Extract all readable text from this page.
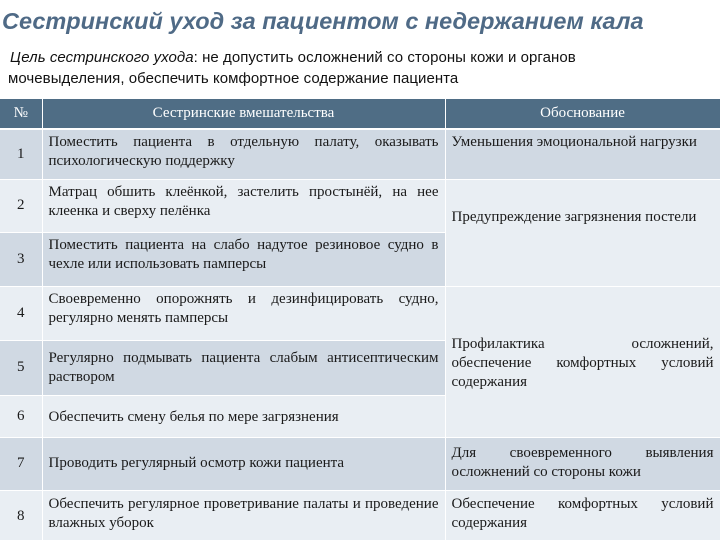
Сестринский уход за пациентом с недержанием кала
Цель сестринского ухода: не допустить осложнений со стороны кожи и органов
мочевыделения, обеспечить комфортное содержание пациента
№	Сестринские вмешательства	Обоснование
1	Поместить пациента в отдельную палату, оказывать психологическую поддержку	Уменьшения эмоциональной нагрузки
2	Матрац обшить клеёнкой, застелить простынёй, на нее клеенка и сверху пелёнка	Предупреждение загрязнения постели
3	Поместить пациента на слабо надутое резиновое судно в чехле или использовать памперсы	
4	Своевременно опорожнять и дезинфицировать судно, регулярно менять памперсы	Профилактика осложнений, обеспечение комфортных условий содержания
5	Регулярно подмывать пациента слабым антисептическим раствором	
6	Обеспечить смену белья по мере загрязнения	
7	Проводить регулярный осмотр кожи пациента	Для своевременного выявления осложнений со стороны кожи
8	Обеспечить регулярное проветривание палаты и проведение влажных уборок	Обеспечение комфортных условий содержания
